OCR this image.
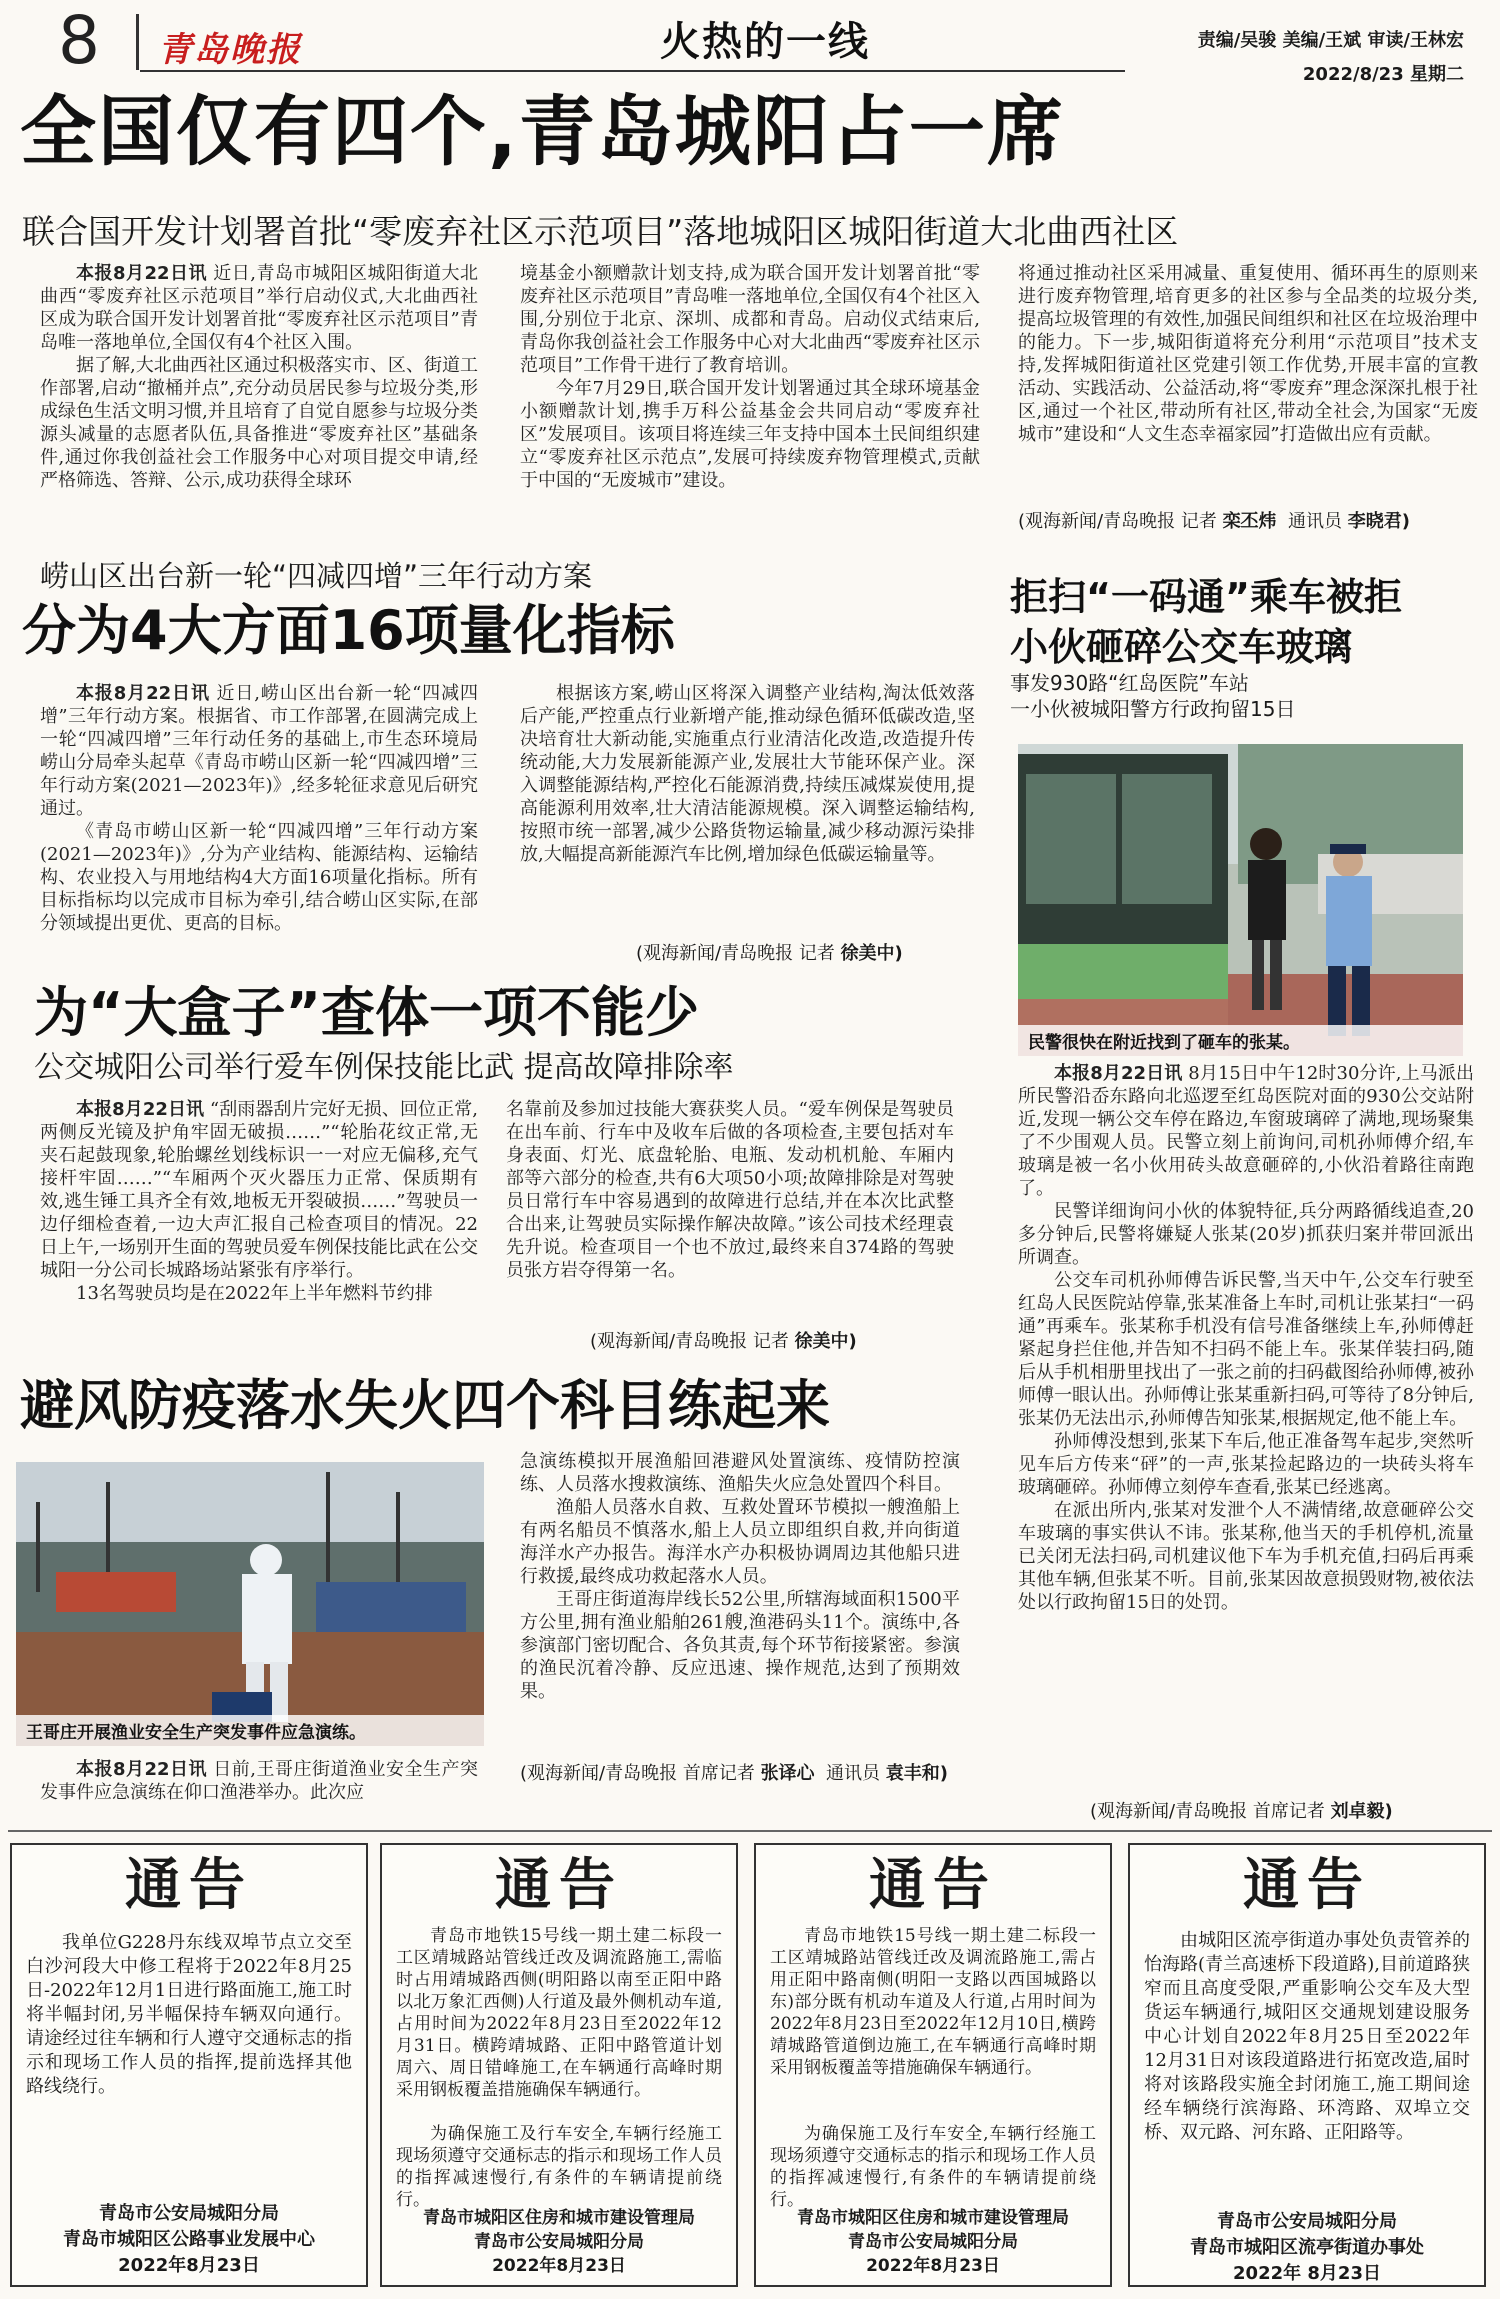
8 青岛晚报	火热的一线	责编/吴骏 美编/王斌 审读/王林宏
2022/8/23 星期二
全国仅有四个,青岛城阳占一席
联合国开发计划署首批“零废弃社区示范项目”落地城阳区城阳街道大北曲西社区

本报8月22日讯 近日,青岛市城阳区城阳街道大北曲西“零废弃社区示范项目”举行启动仪式,大北曲西社区成为联合国开发计划署首批“零废弃社区示范项目”青岛唯一落地单位,全国仅有4个社区入围。

据了解,大北曲西社区通过积极落实市、区、街道工作部署,启动“撤桶并点”,充分动员居民参与垃圾分类,形成绿色生活文明习惯,并且培育了自觉自愿参与垃圾分类源头减量的志愿者队伍,具备推进“零废弃社区”基础条件,通过你我创益社会工作服务中心对项目提交申请,经严格筛选、答辩、公示,成功获得全球环

境基金小额赠款计划支持,成为联合国开发计划署首批“零废弃社区示范项目”青岛唯一落地单位,全国仅有4个社区入围,分别位于北京、深圳、成都和青岛。启动仪式结束后,青岛你我创益社会工作服务中心对大北曲西“零废弃社区示范项目”工作骨干进行了教育培训。

今年7月29日,联合国开发计划署通过其全球环境基金小额赠款计划,携手万科公益基金会共同启动“零废弃社区”发展项目。该项目将连续三年支持中国本土民间组织建立“零废弃社区示范点”,发展可持续废弃物管理模式,贡献于中国的“无废城市”建设。

将通过推动社区采用减量、重复使用、循环再生的原则来进行废弃物管理,培育更多的社区参与全品类的垃圾分类,提高垃圾管理的有效性,加强民间组织和社区在垃圾治理中的能力。下一步,城阳街道将充分利用“示范项目”技术支持,发挥城阳街道社区党建引领工作优势,开展丰富的宣教活动、实践活动、公益活动,将“零废弃”理念深深扎根于社区,通过一个社区,带动所有社区,带动全社会,为国家“无废城市”建设和“人文生态幸福家园”打造做出应有贡献。

(观海新闻/青岛晚报 记者 栾丕炜 通讯员 李晓君)
崂山区出台新一轮“四减四增”三年行动方案
分为4大方面16项量化指标

本报8月22日讯 近日,崂山区出台新一轮“四减四增”三年行动方案。根据省、市工作部署,在圆满完成上一轮“四减四增”三年行动任务的基础上,市生态环境局崂山分局牵头起草《青岛市崂山区新一轮“四减四增”三年行动方案(2021—2023年)》,经多轮征求意见后研究通过。

《青岛市崂山区新一轮“四减四增”三年行动方案(2021—2023年)》,分为产业结构、能源结构、运输结构、农业投入与用地结构4大方面16项量化指标。所有目标指标均以完成市目标为牵引,结合崂山区实际,在部分领域提出更优、更高的目标。

根据该方案,崂山区将深入调整产业结构,淘汰低效落后产能,严控重点行业新增产能,推动绿色循环低碳改造,坚决培育壮大新动能,实施重点行业清洁化改造,改造提升传统动能,大力发展新能源产业,发展壮大节能环保产业。深入调整能源结构,严控化石能源消费,持续压减煤炭使用,提高能源利用效率,壮大清洁能源规模。深入调整运输结构,按照市统一部署,减少公路货物运输量,减少移动源污染排放,大幅提高新能源汽车比例,增加绿色低碳运输量等。

(观海新闻/青岛晚报 记者 徐美中)
拒扫“一码通”乘车被拒
小伙砸碎公交车玻璃
事发930路“红岛医院”车站
一小伙被城阳警方行政拘留15日
民警很快在附近找到了砸车的张某。

本报8月22日讯 8月15日中午12时30分许,上马派出所民警沿岙东路向北巡逻至红岛医院对面的930公交站附近,发现一辆公交车停在路边,车窗玻璃碎了满地,现场聚集了不少围观人员。民警立刻上前询问,司机孙师傅介绍,车玻璃是被一名小伙用砖头故意砸碎的,小伙沿着路往南跑了。

民警详细询问小伙的体貌特征,兵分两路循线追查,20多分钟后,民警将嫌疑人张某(20岁)抓获归案并带回派出所调查。

公交车司机孙师傅告诉民警,当天中午,公交车行驶至红岛人民医院站停靠,张某准备上车时,司机让张某扫“一码通”再乘车。张某称手机没有信号准备继续上车,孙师傅赶紧起身拦住他,并告知不扫码不能上车。张某佯装扫码,随后从手机相册里找出了一张之前的扫码截图给孙师傅,被孙师傅一眼认出。孙师傅让张某重新扫码,可等待了8分钟后,张某仍无法出示,孙师傅告知张某,根据规定,他不能上车。

孙师傅没想到,张某下车后,他正准备驾车起步,突然听见车后方传来“砰”的一声,张某捡起路边的一块砖头将车玻璃砸碎。孙师傅立刻停车查看,张某已经逃离。

在派出所内,张某对发泄个人不满情绪,故意砸碎公交车玻璃的事实供认不讳。张某称,他当天的手机停机,流量已关闭无法扫码,司机建议他下车为手机充值,扫码后再乘其他车辆,但张某不听。目前,张某因故意损毁财物,被依法处以行政拘留15日的处罚。

(观海新闻/青岛晚报 首席记者 刘卓毅)
为“大盒子”查体一项不能少
公交城阳公司举行爱车例保技能比武 提高故障排除率

本报8月22日讯 “刮雨器刮片完好无损、回位正常,两侧反光镜及护角牢固无破损……”“轮胎花纹正常,无夹石起鼓现象,轮胎螺丝划线标识一一对应无偏移,充气接杆牢固……”“车厢两个灭火器压力正常、保质期有效,逃生锤工具齐全有效,地板无开裂破损……”驾驶员一边仔细检查着,一边大声汇报自己检查项目的情况。22日上午,一场别开生面的驾驶员爱车例保技能比武在公交城阳一分公司长城路场站紧张有序举行。

13名驾驶员均是在2022年上半年燃料节约排

名靠前及参加过技能大赛获奖人员。“爱车例保是驾驶员在出车前、行车中及收车后做的各项检查,主要包括对车身表面、灯光、底盘轮胎、电瓶、发动机机舱、车厢内部等六部分的检查,共有6大项50小项;故障排除是对驾驶员日常行车中容易遇到的故障进行总结,并在本次比武整合出来,让驾驶员实际操作解决故障。”该公司技术经理袁先升说。检查项目一个也不放过,最终来自374路的驾驶员张方岩夺得第一名。

(观海新闻/青岛晚报 记者 徐美中)
避风防疫落水失火四个科目练起来
王哥庄开展渔业安全生产突发事件应急演练。

本报8月22日讯 日前,王哥庄街道渔业安全生产突发事件应急演练在仰口渔港举办。此次应

急演练模拟开展渔船回港避风处置演练、疫情防控演练、人员落水搜救演练、渔船失火应急处置四个科目。

渔船人员落水自救、互救处置环节模拟一艘渔船上有两名船员不慎落水,船上人员立即组织自救,并向街道海洋水产办报告。海洋水产办积极协调周边其他船只进行救援,最终成功救起落水人员。

王哥庄街道海岸线长52公里,所辖海域面积1500平方公里,拥有渔业船舶261艘,渔港码头11个。演练中,各参演部门密切配合、各负其责,每个环节衔接紧密。参演的渔民沉着冷静、反应迅速、操作规范,达到了预期效果。

(观海新闻/青岛晚报 首席记者 张译心 通讯员 袁丰和)
通告
我单位G228丹东线双埠节点立交至白沙河段大中修工程将于2022年8月25日-2022年12月1日进行路面施工,施工时将半幅封闭,另半幅保持车辆双向通行。请途经过往车辆和行人遵守交通标志的指示和现场工作人员的指挥,提前选择其他路线绕行。
青岛市公安局城阳分局
青岛市城阳区公路事业发展中心
2022年8月23日
通告
青岛市地铁15号线一期土建二标段一工区靖城路站管线迁改及调流路施工,需临时占用靖城路西侧(明阳路以南至正阳中路以北万象汇西侧)人行道及最外侧机动车道,占用时间为2022年8月23日至2022年12月31日。横跨靖城路、正阳中路管道计划周六、周日错峰施工,在车辆通行高峰时期采用钢板覆盖措施确保车辆通行。
为确保施工及行车安全,车辆行经施工现场须遵守交通标志的指示和现场工作人员的指挥减速慢行,有条件的车辆请提前绕行。
青岛市城阳区住房和城市建设管理局
青岛市公安局城阳分局
2022年8月23日
通告
青岛市地铁15号线一期土建二标段一工区靖城路站管线迁改及调流路施工,需占用正阳中路南侧(明阳一支路以西国城路以东)部分既有机动车道及人行道,占用时间为2022年8月23日至2022年12月10日,横跨靖城路管道倒边施工,在车辆通行高峰时期采用钢板覆盖等措施确保车辆通行。
为确保施工及行车安全,车辆行经施工现场须遵守交通标志的指示和现场工作人员的指挥减速慢行,有条件的车辆请提前绕行。
青岛市城阳区住房和城市建设管理局
青岛市公安局城阳分局
2022年8月23日
通告
由城阳区流亭街道办事处负责管养的怡海路(青兰高速桥下段道路),目前道路狭窄而且高度受限,严重影响公交车及大型货运车辆通行,城阳区交通规划建设服务中心计划自2022年8月25日至2022年12月31日对该段道路进行拓宽改造,届时将对该路段实施全封闭施工,施工期间途经车辆绕行滨海路、环湾路、双埠立交桥、双元路、河东路、正阳路等。
青岛市公安局城阳分局
青岛市城阳区流亭街道办事处
2022年 8月23日
